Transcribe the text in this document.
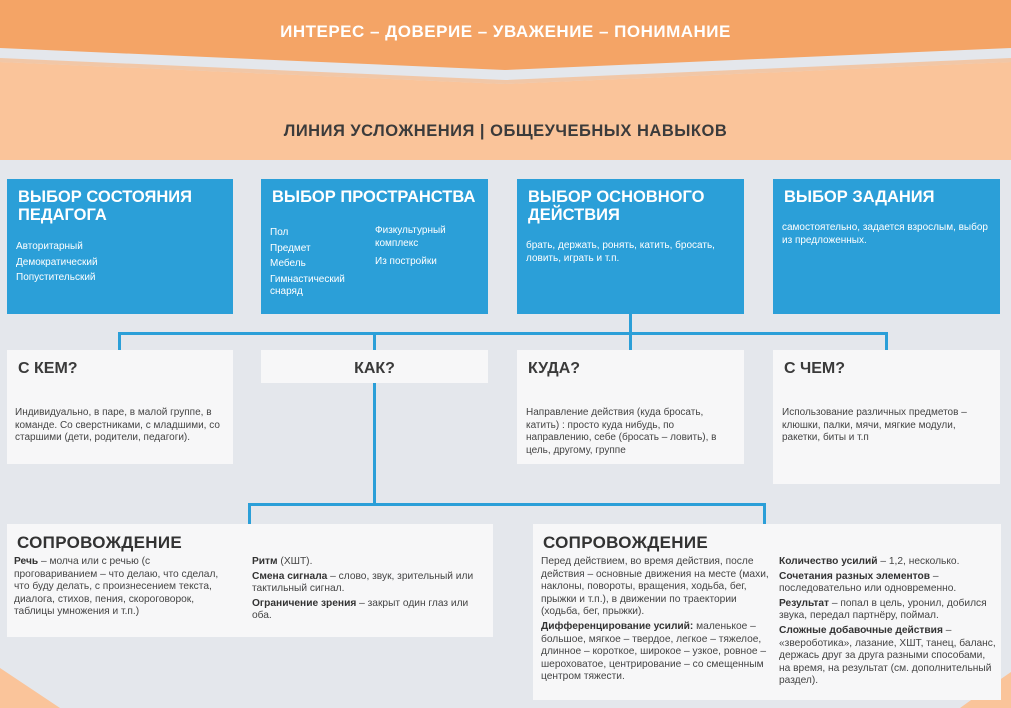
ИНТЕРЕС – ДОВЕРИЕ – УВАЖЕНИЕ – ПОНИМАНИЕ
ЛИНИЯ УСЛОЖНЕНИЯ | ОБЩЕУЧЕБНЫХ НАВЫКОВ
ВЫБОР СОСТОЯНИЯ ПЕДАГОГА
Авторитарный
Демократический
Попустительский
ВЫБОР ПРОСТРАНСТВА
Пол
Предмет
Мебель
Гимнастический снаряд
Физкультурный комплекс
Из постройки
ВЫБОР ОСНОВНОГО ДЕЙСТВИЯ
брать, держать, ронять, катить, бросать, ловить, играть и т.п.
ВЫБОР ЗАДАНИЯ
самостоятельно, задается взрослым, выбор из предложенных.
С КЕМ?
Индивидуально, в паре, в малой группе, в команде. Со сверстниками, с младшими, со старшими (дети, родители, педагоги).
КАК?	КУДА?
Направление действия (куда бросать, катить) : просто куда нибудь, по направлению, себе (бросать – ловить), в цель, другому, группе
С ЧЕМ?
Использование различных предметов – клюшки, палки, мячи, мягкие модули, ракетки, биты и т.п
СОПРОВОЖДЕНИЕ
Речь – молча или с речью (с проговариванием – что делаю, что сделал, что буду делать, с произнесением текста, диалога, стихов, пения, скороговорок, таблицы умножения и т.п.)
Ритм (ХШТ).
Смена сигнала – слово, звук, зрительный или тактильный сигнал.
Ограничение зрения – закрыт один глаз или оба.
СОПРОВОЖДЕНИЕ
Перед действием, во время действия, после действия – основные движения на месте (махи, наклоны, повороты, вращения, ходьба, бег, прыжки и т.п.), в движении по траектории (ходьба, бег, прыжки).
Дифференцирование усилий: маленькое – большое, мягкое – твердое, легкое – тяжелое, длинное – короткое, широкое – узкое, ровное –шероховатое, центрирование – со смещенным центром тяжести.
Количество усилий – 1,2, несколько.
Сочетания разных элементов – последовательно или одновременно.
Результат – попал в цель, уронил, добился звука, передал партнёру, поймал.
Сложные добавочные действия – «звероботика», лазание, ХШТ, танец, баланс, держась друг за друга разными способами, на время, на результат (см. дополнительный раздел).
